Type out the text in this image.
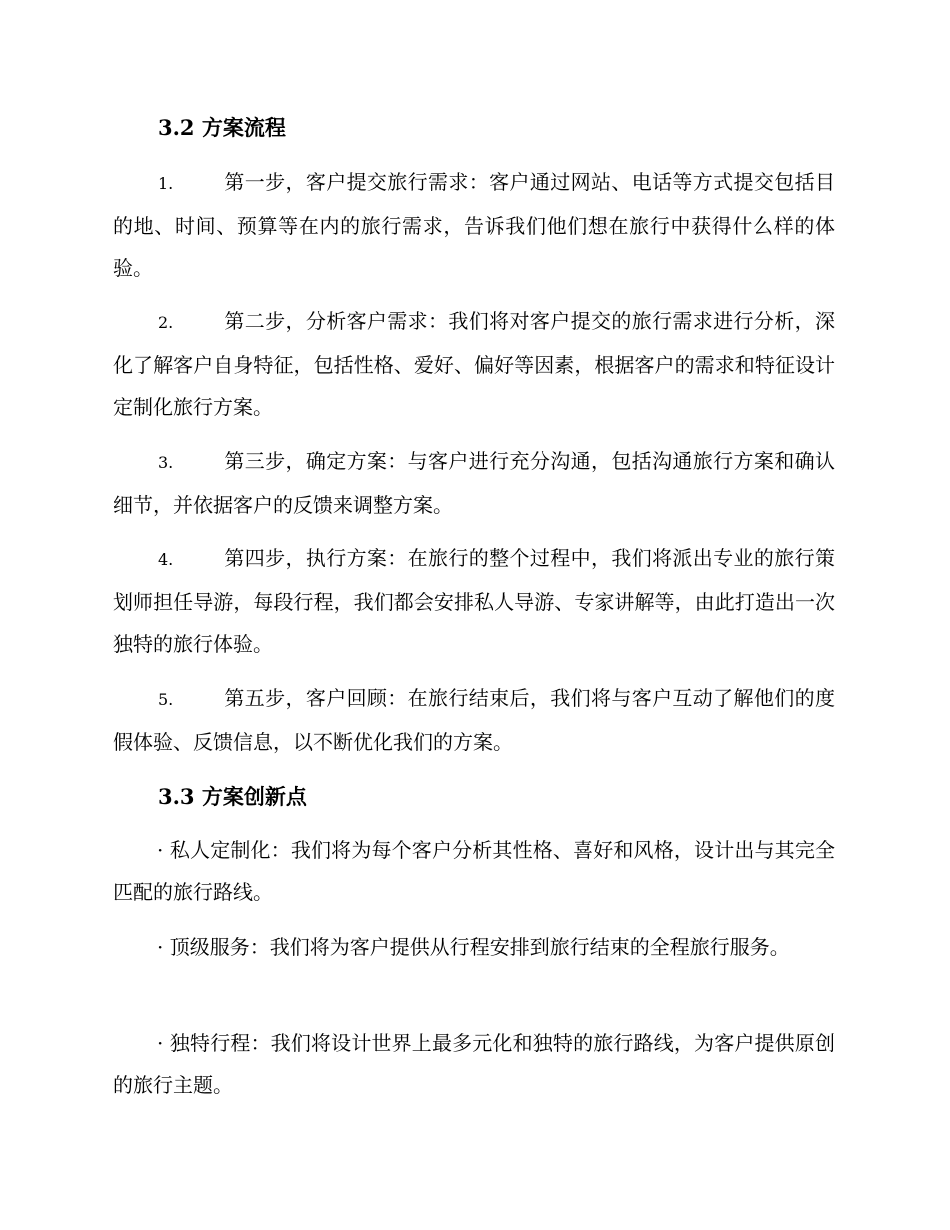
3.2 方案流程
1.	第一步，客户提交旅行需求：客户通过网站、电话等方式提交包括目的地、时间、预算等在内的旅行需求，告诉我们他们想在旅行中获得什么样的体验。
2.	第二步，分析客户需求：我们将对客户提交的旅行需求进行分析，深化了解客户自身特征，包括性格、爱好、偏好等因素，根据客户的需求和特征设计定制化旅行方案。
3.	第三步，确定方案：与客户进行充分沟通，包括沟通旅行方案和确认细节，并依据客户的反馈来调整方案。
4.	第四步，执行方案：在旅行的整个过程中，我们将派出专业的旅行策划师担任导游，每段行程，我们都会安排私人导游、专家讲解等，由此打造出一次独特的旅行体验。
5.	第五步，客户回顾：在旅行结束后，我们将与客户互动了解他们的度假体验、反馈信息，以不断优化我们的方案。
3.3 方案创新点
· 私人定制化：我们将为每个客户分析其性格、喜好和风格，设计出与其完全匹配的旅行路线。
· 顶级服务：我们将为客户提供从行程安排到旅行结束的全程旅行服务。
· 独特行程：我们将设计世界上最多元化和独特的旅行路线，为客户提供原创的旅行主题。
